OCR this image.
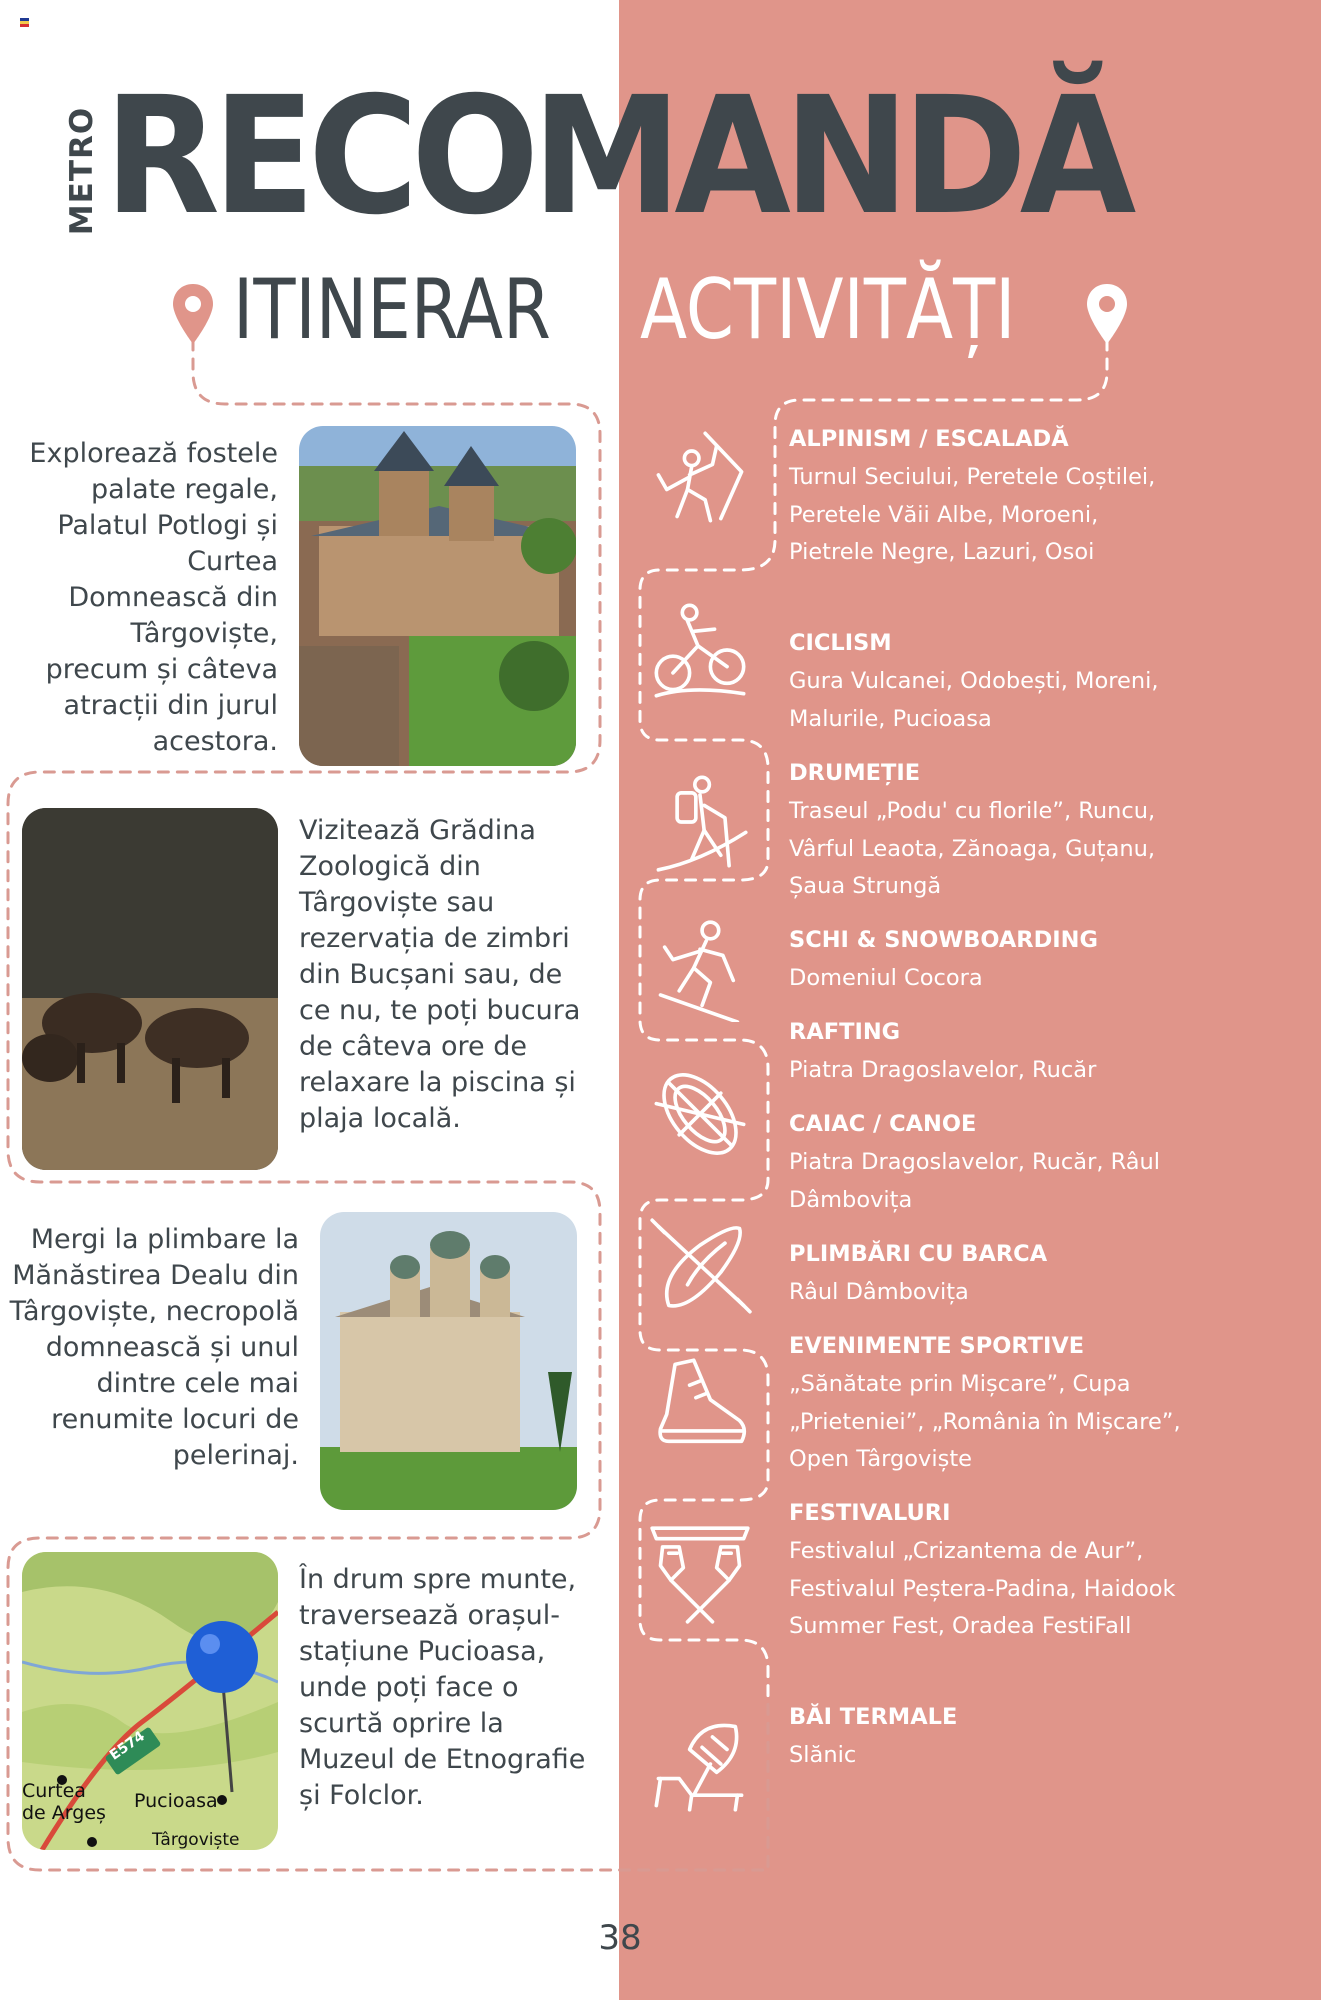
METRO RECOMANDĂ
ITINERAR ACTIVITĂȚI
Explorează fostele palate regale, Palatul Potlogi și Curtea Domnească din Târgoviște, precum și câteva atracții din jurul acestora.
Vizitează Grădina Zoologică din Târgoviște sau rezervația de zimbri din Bucșani sau, de ce nu, te poți bucura de câteva ore de relaxare la piscina și plaja locală.
Mergi la plimbare la Mănăstirea Dealu din Târgoviște, necropolă domnească și unul dintre cele mai renumite locuri de pelerinaj.
E574
Curtea
de Argeș
Pucioasa
Târgoviște
În drum spre munte, traversează orașul-stațiune Pucioasa, unde poți face o scurtă oprire la Muzeul de Etnografie și Folclor.
ALPINISM / ESCALADĂ
Turnul Seciului, Peretele Coștilei, Peretele Văii Albe, Moroeni, Pietrele Negre, Lazuri, Osoi
CICLISM
Gura Vulcanei, Odobești, Moreni, Malurile, Pucioasa
DRUMEȚIE
Traseul „Podu' cu florile”, Runcu, Vârful Leaota, Zănoaga, Guțanu, Șaua Strungă
SCHI & SNOWBOARDING
Domeniul Cocora
RAFTING
CAIAC / CANOE
Piatra Dragoslavelor, Rucăr
Piatra Dragoslavelor, Rucăr, Râul Dâmbovița
PLIMBĂRI CU BARCA
Râul Dâmbovița
EVENIMENTE SPORTIVE
„Sănătate prin Mișcare”, Cupa „Prieteniei”, „România în Mișcare”, Open Târgoviște
FESTIVALURI
Festivalul „Crizantema de Aur”, Festivalul Peștera-Padina, Haidook Summer Fest, Oradea FestiFall
BĂI TERMALE
Slănic
38
